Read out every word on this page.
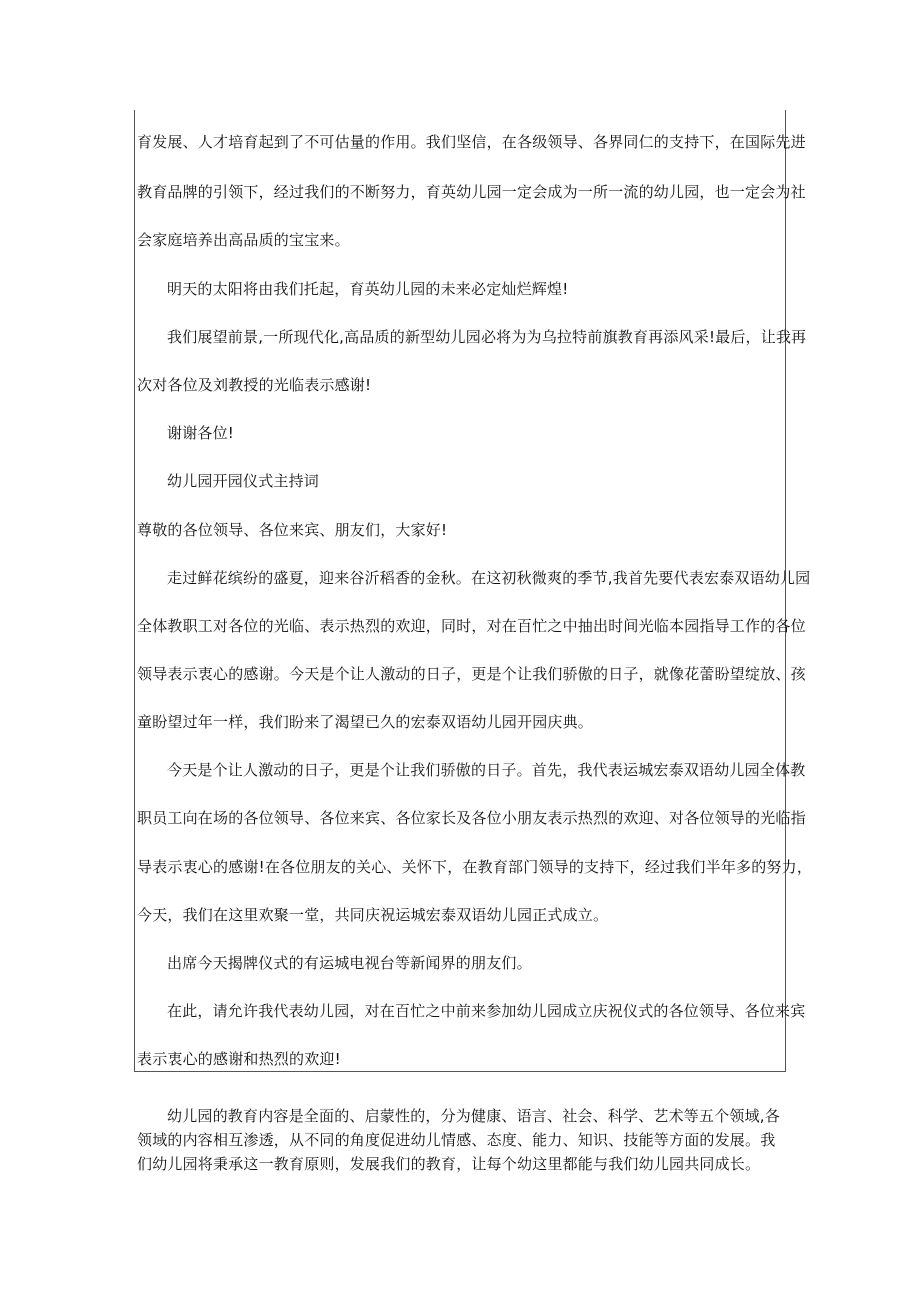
育发展、人才培育起到了不可估量的作用。我们坚信，在各级领导、各界同仁的支持下，在国际先进

教育品牌的引领下，经过我们的不断努力，育英幼儿园一定会成为一所一流的幼儿园，也一定会为社

会家庭培养出高品质的宝宝来。

明天的太阳将由我们托起，育英幼儿园的未来必定灿烂辉煌!

我们展望前景,一所现代化,高品质的新型幼儿园必将为为乌拉特前旗教育再添风采!最后，让我再

次对各位及刘教授的光临表示感谢!

谢谢各位!

幼儿园开园仪式主持词

尊敬的各位领导、各位来宾、朋友们，大家好!

走过鲜花缤纷的盛夏，迎来谷沂稻香的金秋。在这初秋微爽的季节,我首先要代表宏泰双语幼儿园

全体教职工对各位的光临、表示热烈的欢迎，同时，对在百忙之中抽出时间光临本园指导工作的各位

领导表示衷心的感谢。今天是个让人激动的日子，更是个让我们骄傲的日子，就像花蕾盼望绽放、孩

童盼望过年一样，我们盼来了渴望已久的宏泰双语幼儿园开园庆典。

今天是个让人激动的日子，更是个让我们骄傲的日子。首先，我代表运城宏泰双语幼儿园全体教

职员工向在场的各位领导、各位来宾、各位家长及各位小朋友表示热烈的欢迎、对各位领导的光临指

导表示衷心的感谢!在各位朋友的关心、关怀下，在教育部门领导的支持下，经过我们半年多的努力，

今天，我们在这里欢聚一堂，共同庆祝运城宏泰双语幼儿园正式成立。

出席今天揭牌仪式的有运城电视台等新闻界的朋友们。

在此，请允许我代表幼儿园，对在百忙之中前来参加幼儿园成立庆祝仪式的各位领导、各位来宾

表示衷心的感谢和热烈的欢迎!

幼儿园的教育内容是全面的、启蒙性的，分为健康、语言、社会、科学、艺术等五个领域,各领域的内容相互渗透，从不同的角度促进幼儿情感、态度、能力、知识、技能等方面的发展。我们幼儿园将秉承这一教育原则，发展我们的教育，让每个幼这里都能与我们幼儿园共同成长。
